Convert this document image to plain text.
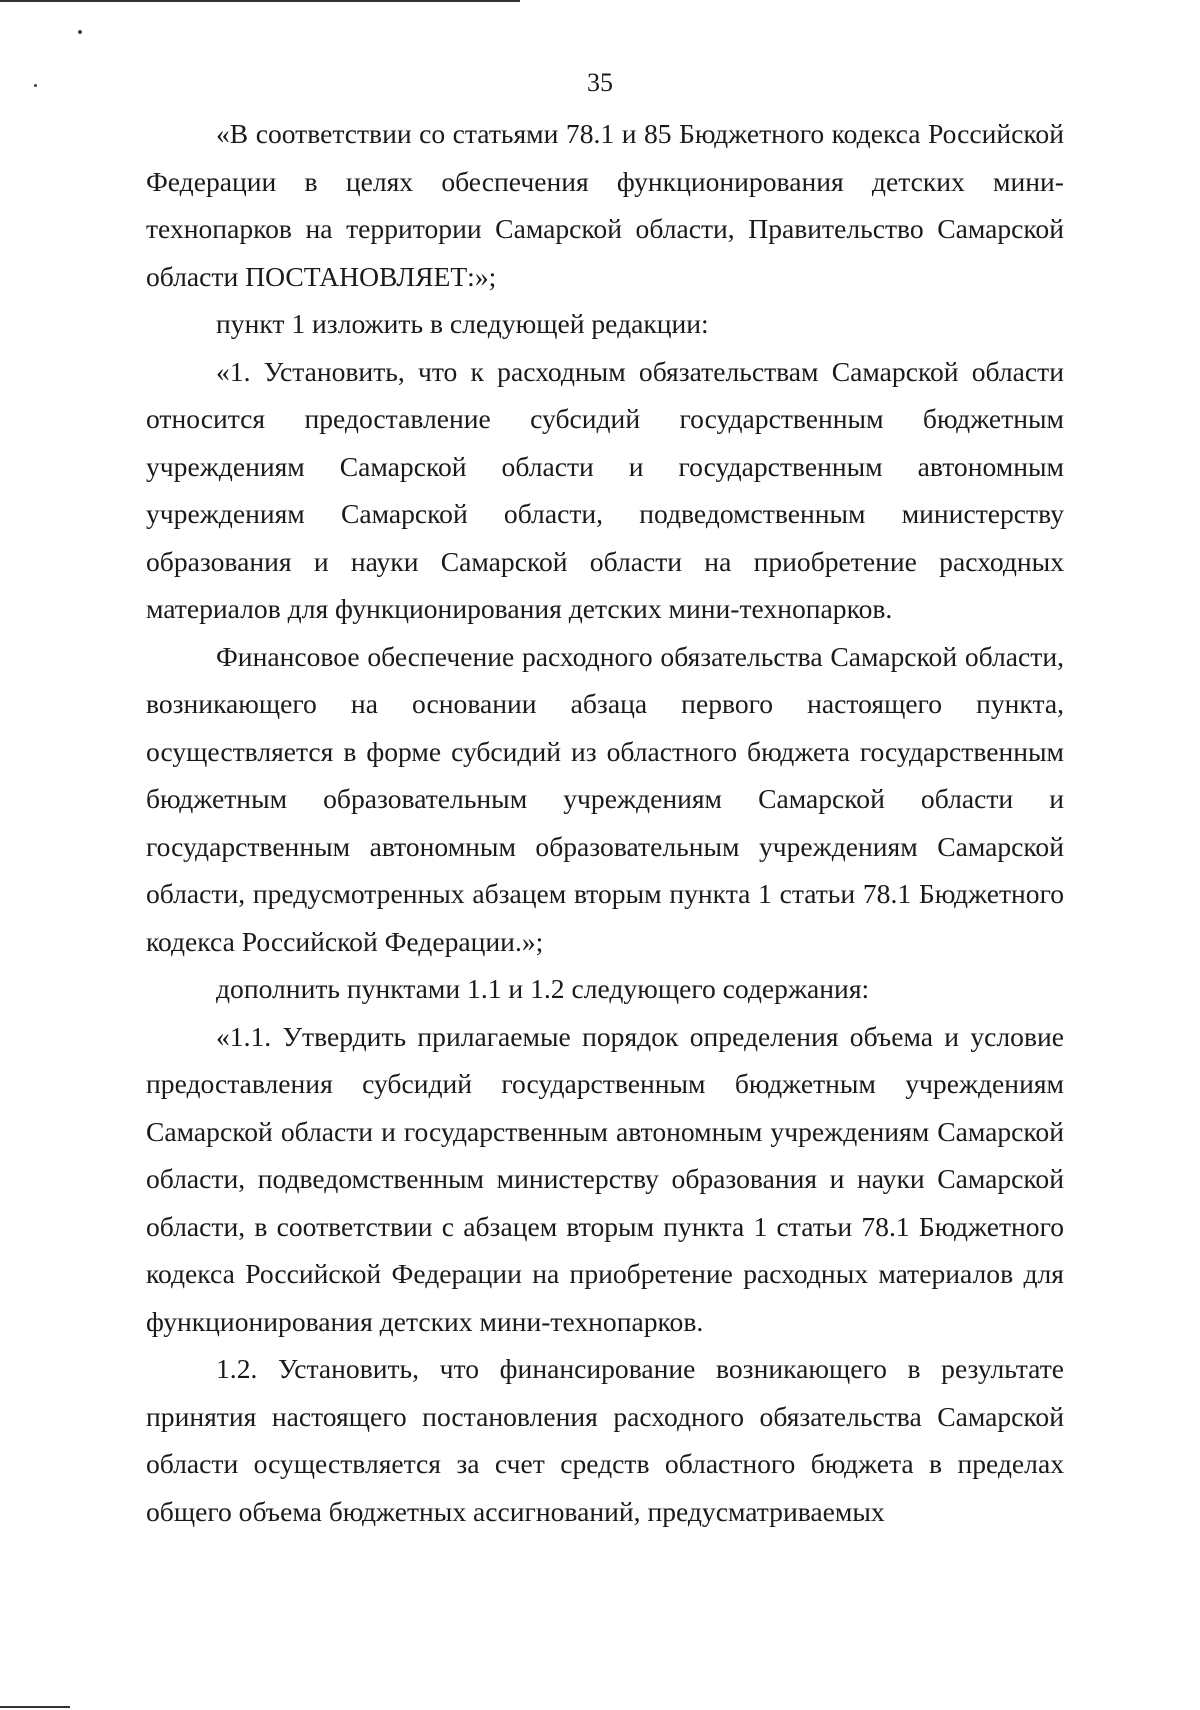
35

«В соответствии со статьями 78.1 и 85 Бюджетного кодекса Российской Федерации в целях обеспечения функционирования детских мини-технопарков на территории Самарской области, Правительство Самарской области ПОСТАНОВЛЯЕТ:»;

пункт 1 изложить в следующей редакции:

«1. Установить, что к расходным обязательствам Самарской области относится предоставление субсидий государственным бюджетным учреждениям Самарской области и государственным автономным учреждениям Самарской области, подведомственным министерству образования и науки Самарской области на приобретение расходных материалов для функционирования детских мини-технопарков.

Финансовое обеспечение расходного обязательства Самарской области, возникающего на основании абзаца первого настоящего пункта, осуществляется в форме субсидий из областного бюджета государственным бюджетным образовательным учреждениям Самарской области и государственным автономным образовательным учреждениям Самарской области, предусмотренных абзацем вторым пункта 1 статьи 78.1 Бюджетного кодекса Российской Федерации.»;

дополнить пунктами 1.1 и 1.2 следующего содержания:

«1.1. Утвердить прилагаемые порядок определения объема и условие предоставления субсидий государственным бюджетным учреждениям Самарской области и государственным автономным учреждениям Самарской области, подведомственным министерству образования и науки Самарской области, в соответствии с абзацем вторым пункта 1 статьи 78.1 Бюджетного кодекса Российской Федерации на приобретение расходных материалов для функционирования детских мини-технопарков.

1.2. Установить, что финансирование возникающего в результате принятия настоящего постановления расходного обязательства Самарской области осуществляется за счет средств областного бюджета в пределах общего объема бюджетных ассигнований, предусматриваемых
